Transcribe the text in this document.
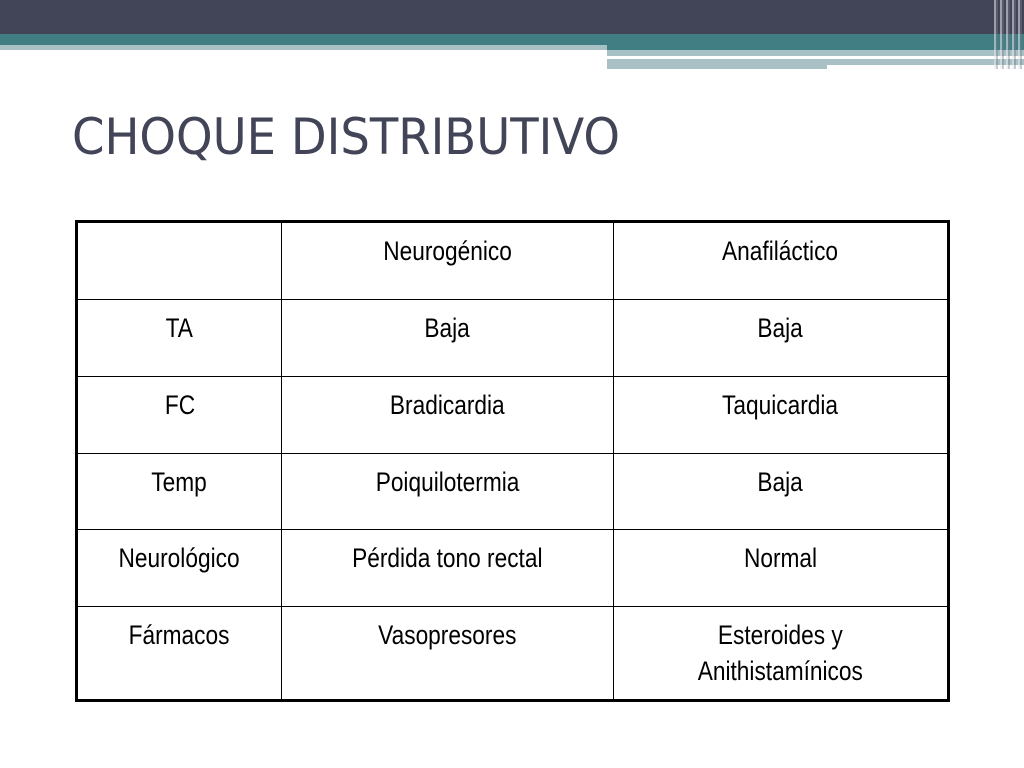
CHOQUE DISTRIBUTIVO
	Neurogénico	Anafiláctico
TA	Baja	Baja
FC	Bradicardia	Taquicardia
Temp	Poiquilotermia	Baja
Neurológico	Pérdida tono rectal	Normal
Fármacos	Vasopresores	Esteroides y
Anithistamínicos
